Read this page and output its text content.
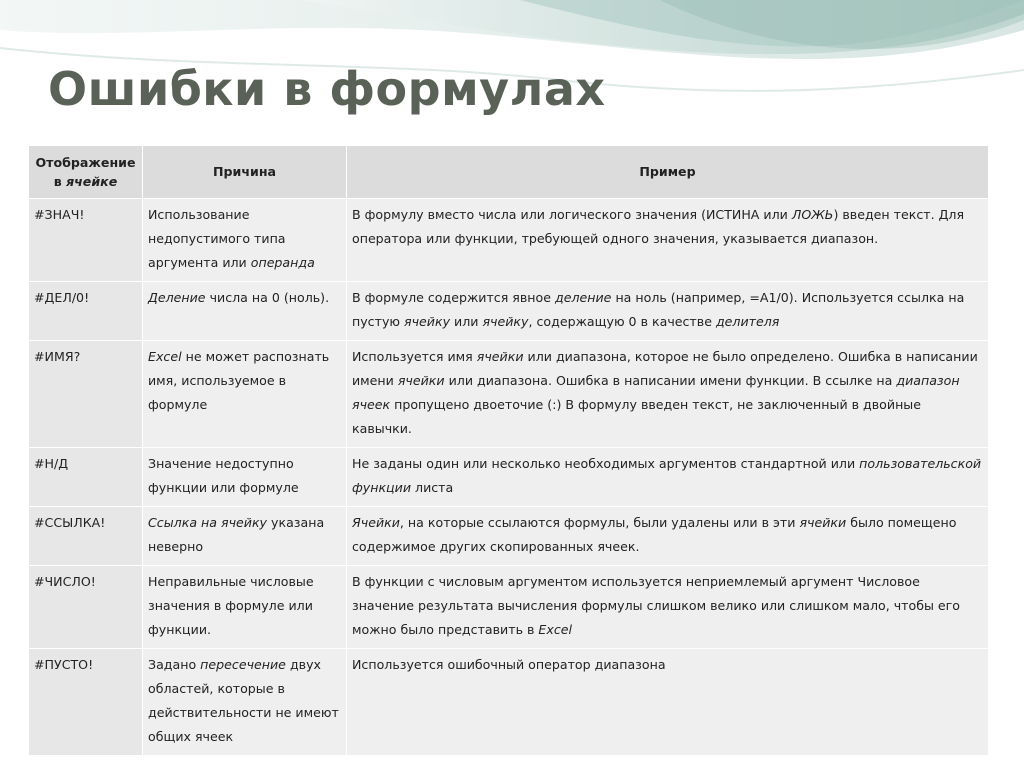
Ошибки в формулах
Отображение
в ячейке	Причина	Пример
#ЗНАЧ!	Использование недопустимого типа аргумента или операнда	В формулу вместо числа или логического значения (ИСТИНА или ЛОЖЬ) введен текст. Для оператора или функции, требующей одного значения, указывается диапазон.
#ДЕЛ/0!	Деление числа на 0 (ноль).	В формуле содержится явное деление на ноль (например, =A1/0). Используется ссылка на пустую ячейку или ячейку, содержащую 0 в качестве делителя
#ИМЯ?	Excel не может распознать имя, используемое в формуле	Используется имя ячейки или диапазона, которое не было определено. Ошибка в написании имени ячейки или диапазона. Ошибка в написании имени функции. В ссылке на диапазон ячеек пропущено двоеточие (:) В формулу введен текст, не заключенный в двойные кавычки.
#Н/Д	Значение недоступно функции или формуле	Не заданы один или несколько необходимых аргументов стандартной или пользовательской функции листа
#ССЫЛКА!	Ссылка на ячейку указана неверно	Ячейки, на которые ссылаются формулы, были удалены или в эти ячейки было помещено содержимое других скопированных ячеек.
#ЧИСЛО!	Неправильные числовые значения в формуле или функции.	В функции с числовым аргументом используется неприемлемый аргумент Числовое значение результата вычисления формулы слишком велико или слишком мало, чтобы его можно было представить в Excel
#ПУСТО!	Задано пересечение двух областей, которые в действительности не имеют общих ячеек	Используется ошибочный оператор диапазона
